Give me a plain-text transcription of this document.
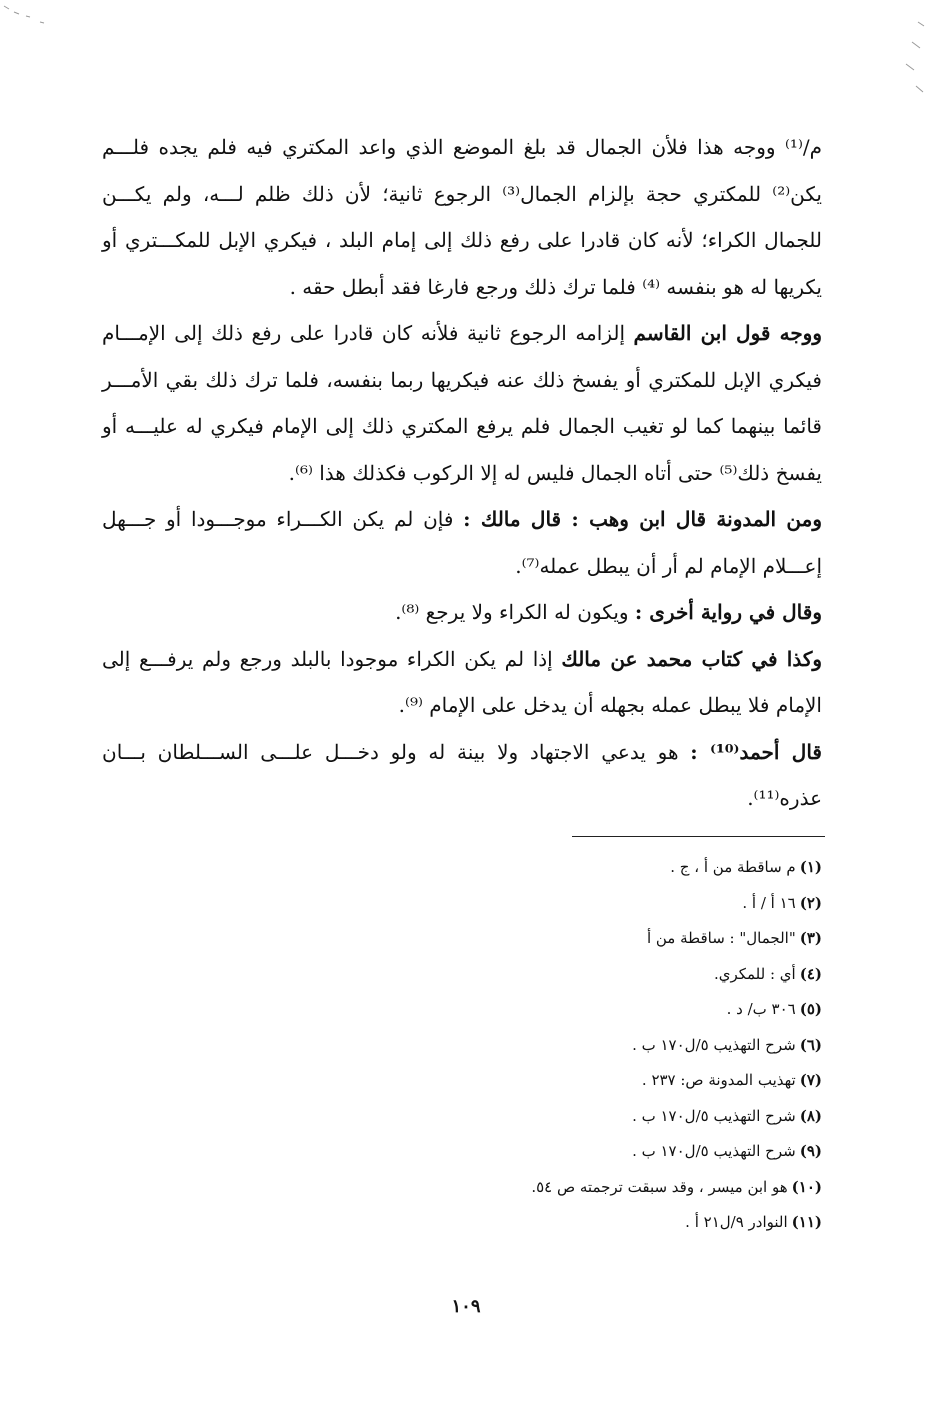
م/⁽¹⁾ ووجه هذا فلأن الجمال قد بلغ الموضع الذي واعد المكتري فيه فلم يجده فلـــم يكن⁽²⁾ للمكتري حجة بإلزام الجمال⁽³⁾ الرجوع ثانية؛ لأن ذلك ظلم لـــه، ولم يكـــن للجمال الكراء؛ لأنه كان قادرا على رفع ذلك إلى إمام البلد ، فيكري الإبل للمكـــتري أو يكريها له هو بنفسه ⁽⁴⁾ فلما ترك ذلك ورجع فارغا فقد أبطل حقه .

ووجه قول ابن القاسم إلزامه الرجوع ثانية فلأنه كان قادرا على رفع ذلك إلى الإمـــام فيكري الإبل للمكتري أو يفسخ ذلك عنه فيكريها ربما بنفسه، فلما ترك ذلك بقي الأمـــر قائما بينهما كما لو تغيب الجمال فلم يرفع المكتري ذلك إلى الإمام فيكري له عليـــه أو يفسخ ذلك⁽⁵⁾ حتى أتاه الجمال فليس له إلا الركوب فكذلك هذا ⁽⁶⁾.

ومن المدونة قال ابن وهب : قال مالك : فإن لم يكن الكـــراء موجـــودا أو جـــهل إعـــلام الإمام لم أر أن يبطل عمله⁽⁷⁾.

وقال في رواية أخرى : ويكون له الكراء ولا يرجع ⁽⁸⁾.

وكذا في كتاب محمد عن مالك إذا لم يكن الكراء موجودا بالبلد ورجع ولم يرفـــع إلى الإمام فلا يبطل عمله بجهله أن يدخل على الإمام ⁽⁹⁾.

قال أحمد⁽¹⁰⁾ : هو يدعي الاجتهاد ولا بينة له ولو دخـــل علـــى الســـلطان بـــان عذره⁽¹¹⁾.

(١)م ساقطة من أ ، ج .
(٢)١٦ أ / أ .
(٣)"الجمال" : ساقطة من أ
(٤)أي : للمكري.
(٥)٣٠٦ ب/ د .
(٦)شرح التهذيب ٥/ل١٧٠ ب .
(٧)تهذيب المدونة ص: ٢٣٧ .
(٨)شرح التهذيب ٥/ل١٧٠ ب .
(٩)شرح التهذيب ٥/ل١٧٠ ب .
(١٠)هو ابن ميسر ، وقد سبقت ترجمته ص ٥٤.
(١١)النوادر ٩/ل٢١ أ .
١٠٩
